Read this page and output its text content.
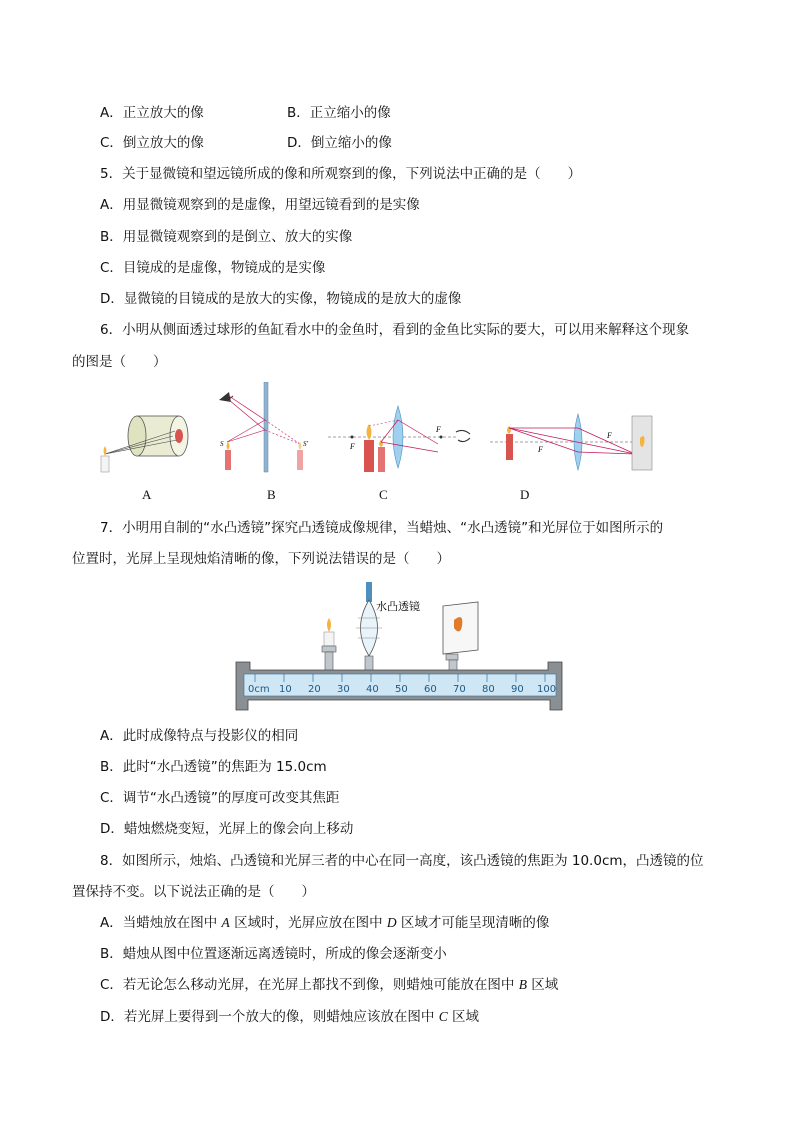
A．正立放大的像	B．正立缩小的像
C．倒立放大的像	D．倒立缩小的像
5．关于显微镜和望远镜所成的像和所观察到的像，下列说法中正确的是（　　）
A．用显微镜观察到的是虚像，用望远镜看到的是实像
B．用显微镜观察到的是倒立、放大的实像
C．目镜成的是虚像，物镜成的是实像
D．显微镜的目镜成的是放大的实像，物镜成的是放大的虚像
6．小明从侧面透过球形的鱼缸看水中的金鱼时，看到的金鱼比实际的要大，可以用来解释这个现象
的图是（　　）
S	S'	F
F
F
F
A	B	C	D
7．小明用自制的“水凸透镜”探究凸透镜成像规律，当蜡烛、“水凸透镜”和光屏位于如图所示的
位置时，光屏上呈现烛焰清晰的像，下列说法错误的是（　　）
水凸透镜
0cm 10 20 30 40 50 60 70 80 90 100
A．此时成像特点与投影仪的相同
B．此时“水凸透镜”的焦距为 15.0cm
C．调节“水凸透镜”的厚度可改变其焦距
D．蜡烛燃烧变短，光屏上的像会向上移动
8．如图所示，烛焰、凸透镜和光屏三者的中心在同一高度，该凸透镜的焦距为 10.0cm，凸透镜的位
置保持不变。以下说法正确的是（　　）
A．当蜡烛放在图中 A 区域时，光屏应放在图中 D 区域才可能呈现清晰的像
B．蜡烛从图中位置逐渐远离透镜时，所成的像会逐渐变小
C．若无论怎么移动光屏，在光屏上都找不到像，则蜡烛可能放在图中 B 区域
D．若光屏上要得到一个放大的像，则蜡烛应该放在图中 C 区域
